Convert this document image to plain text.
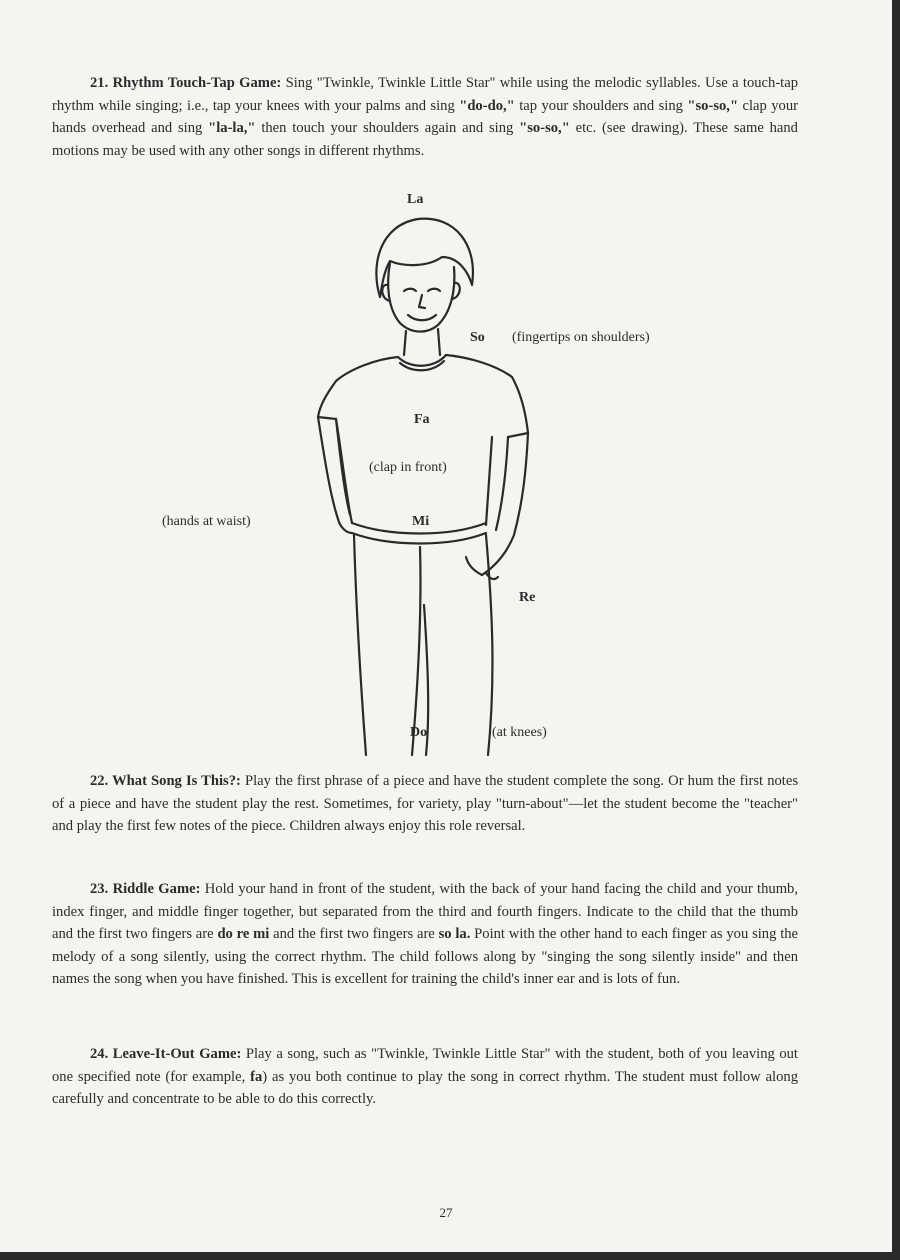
21. Rhythm Touch-Tap Game: Sing "Twinkle, Twinkle Little Star" while using the melodic syllables. Use a touch-tap rhythm while singing; i.e., tap your knees with your palms and sing "do-do," tap your shoulders and sing "so-so," clap your hands overhead and sing "la-la," then touch your shoulders again and sing "so-so," etc. (see drawing). These same hand motions may be used with any other songs in different rhythms.

La
So (fingertips on shoulders)
Fa
(clap in front)
Mi
(hands at waist)
Re
Do	(at knees)

22. What Song Is This?: Play the first phrase of a piece and have the student complete the song. Or hum the first notes of a piece and have the student play the rest. Sometimes, for variety, play "turn-about"—let the student become the "teacher" and play the first few notes of the piece. Children always enjoy this role reversal.

23. Riddle Game: Hold your hand in front of the student, with the back of your hand facing the child and your thumb, index finger, and middle finger together, but separated from the third and fourth fingers. Indicate to the child that the thumb and the first two fingers are do re mi and the first two fingers are so la. Point with the other hand to each finger as you sing the melody of a song silently, using the correct rhythm. The child follows along by "singing the song silently inside" and then names the song when you have finished. This is excellent for training the child's inner ear and is lots of fun.

24. Leave-It-Out Game: Play a song, such as "Twinkle, Twinkle Little Star" with the student, both of you leaving out one specified note (for example, fa) as you both continue to play the song in correct rhythm. The student must follow along carefully and concentrate to be able to do this correctly.

27
